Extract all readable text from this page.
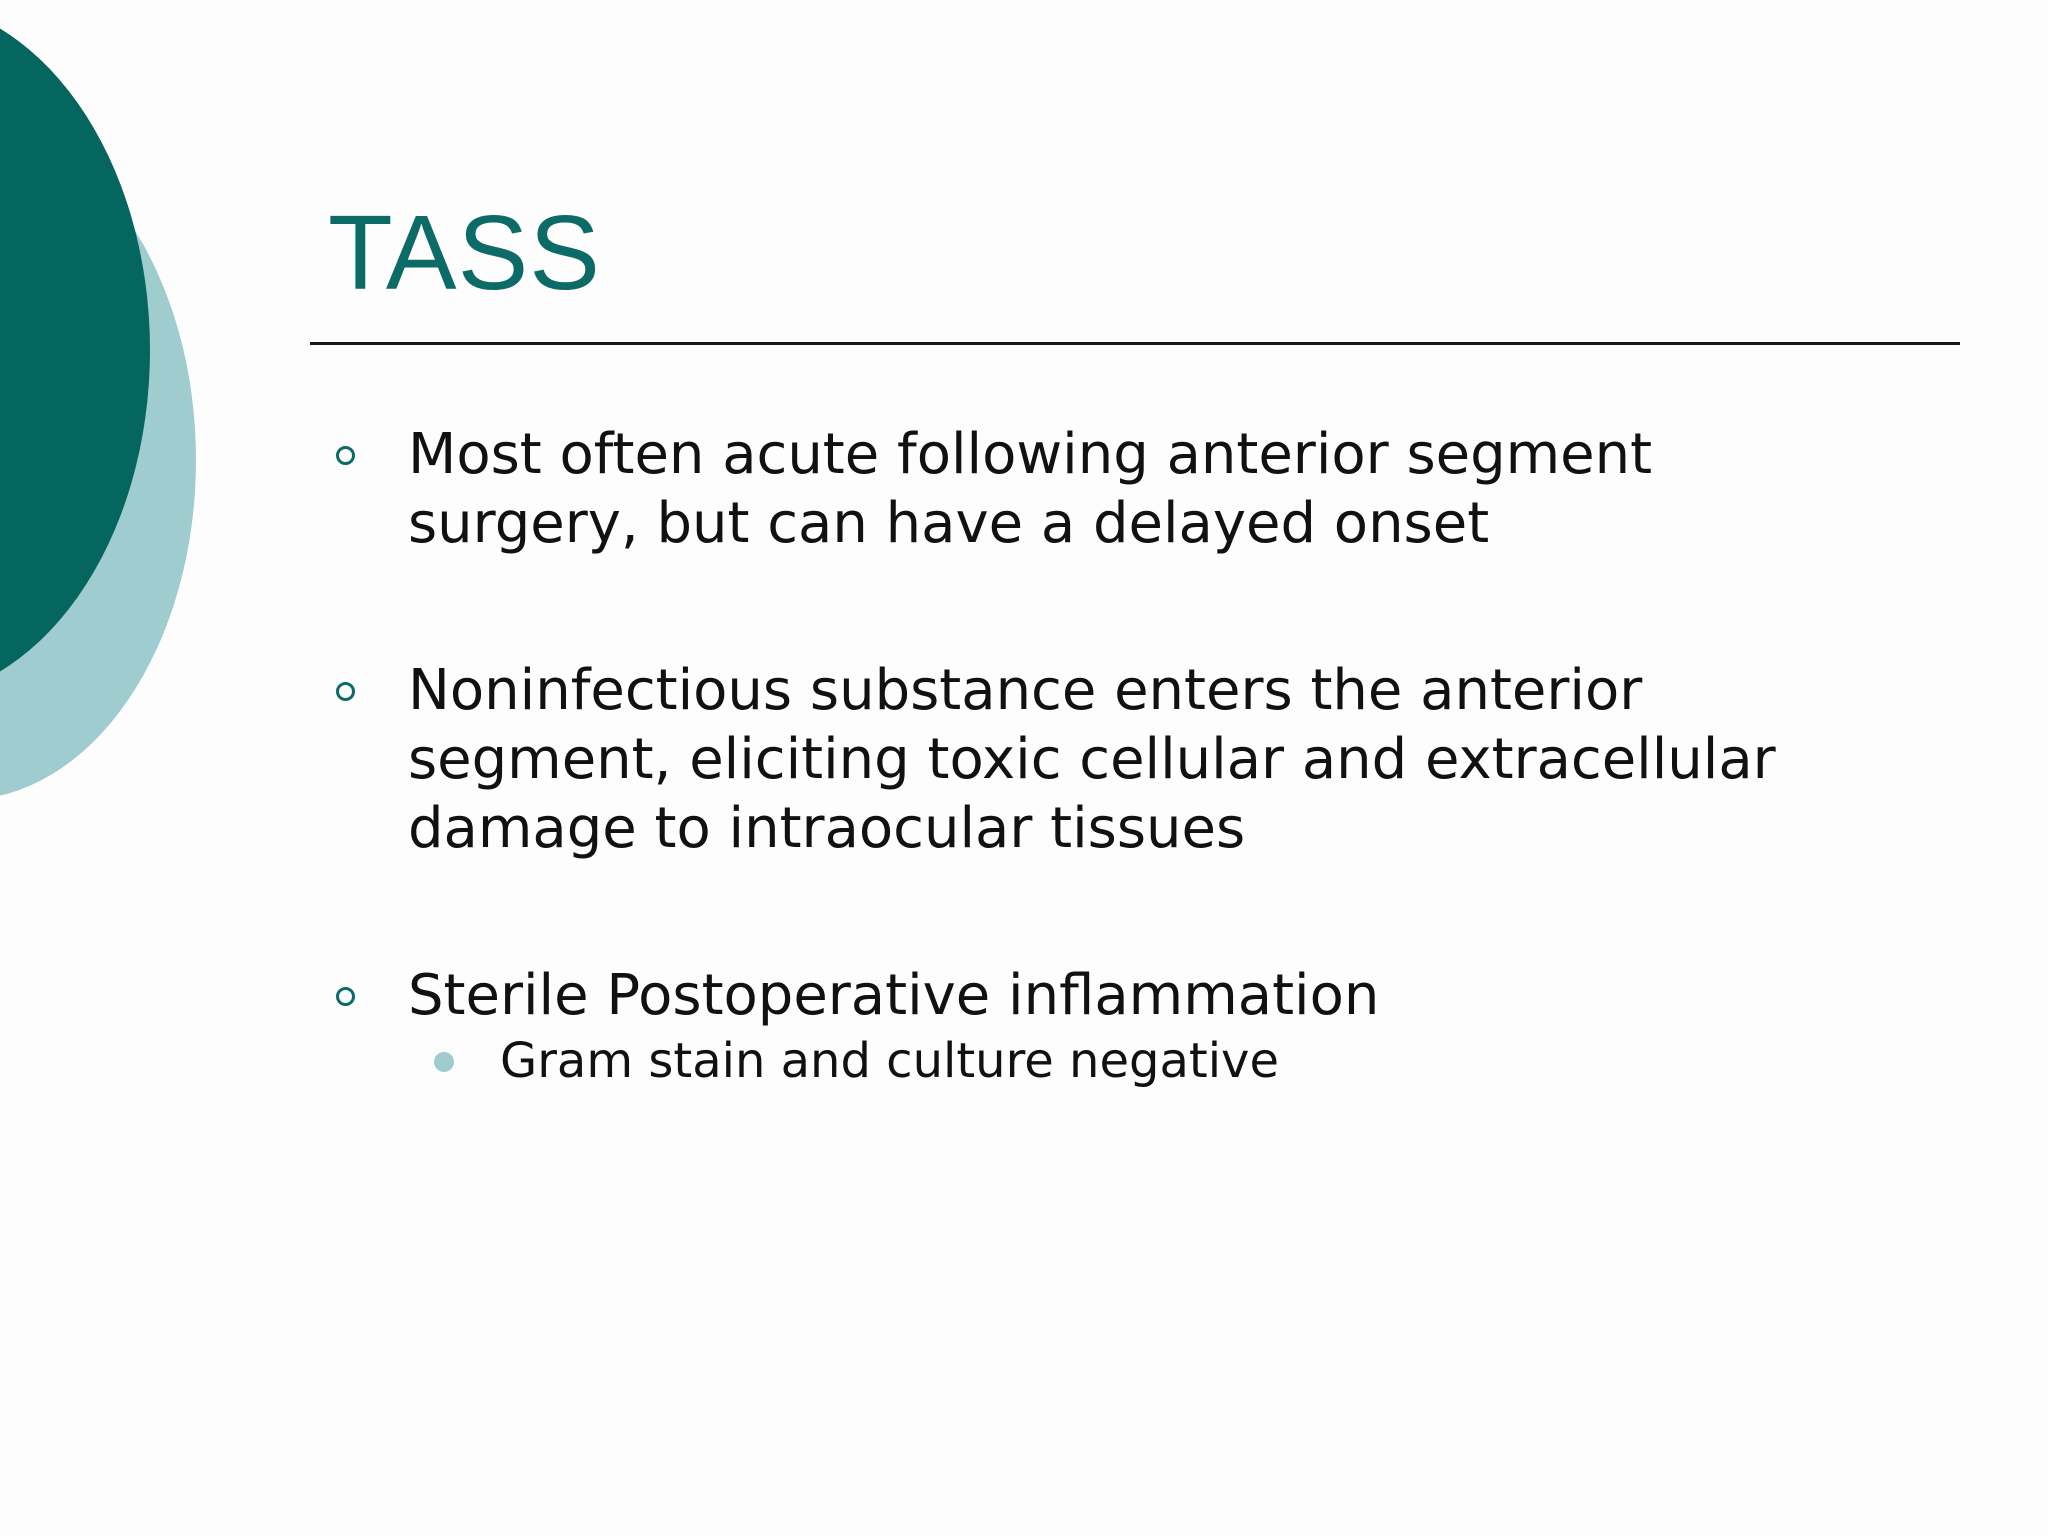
TASS
Most often acute following anterior segment
surgery, but can have a delayed onset
Noninfectious substance enters the anterior
segment, eliciting toxic cellular and extracellular
damage to intraocular tissues
Sterile Postoperative inflammation
Gram stain and culture negative
